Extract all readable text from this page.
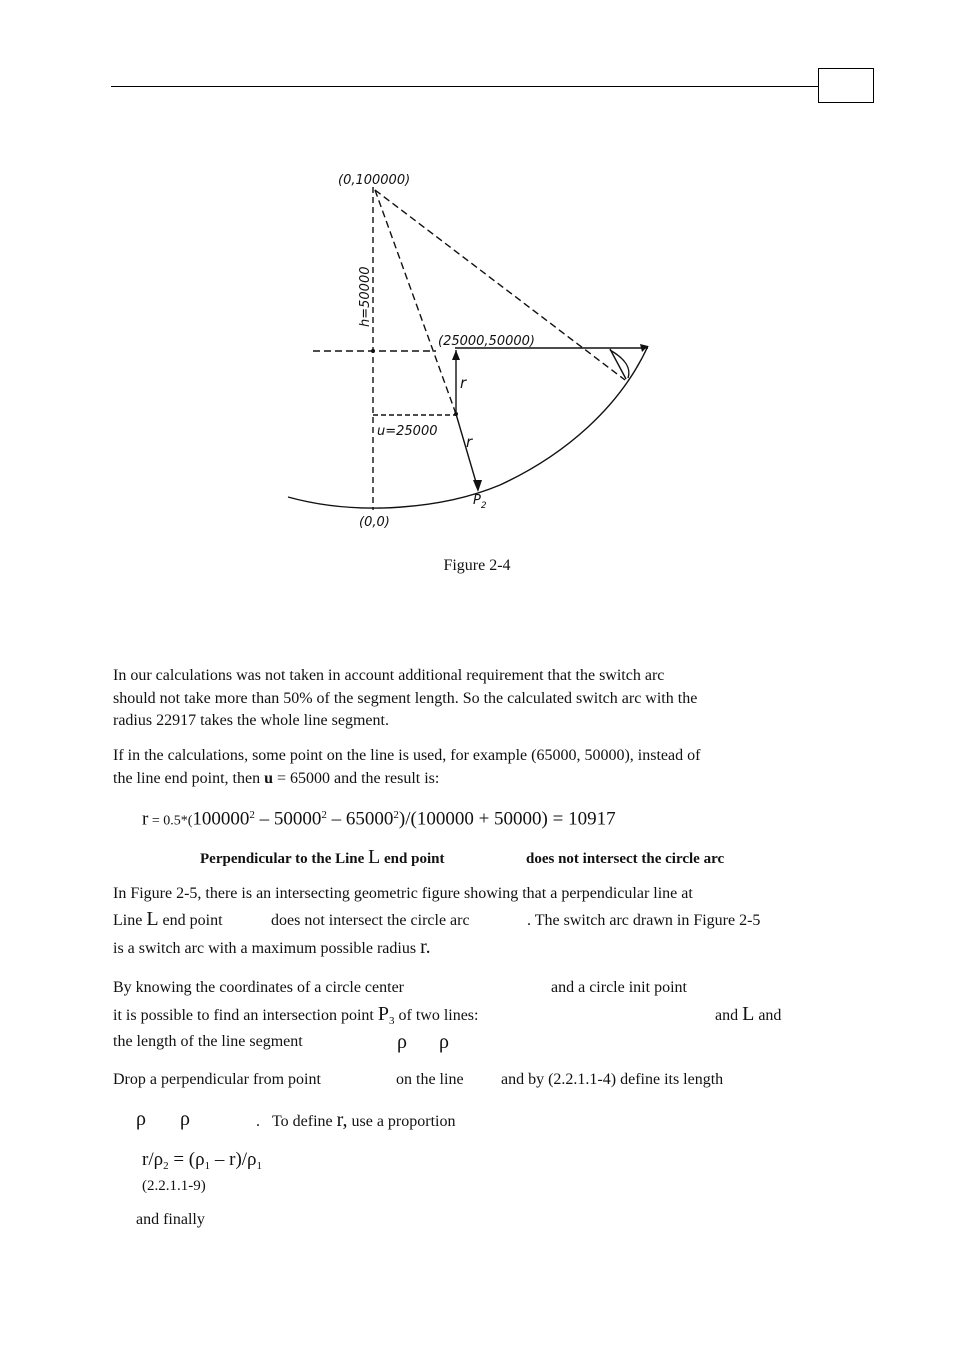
(0,100000)
h=50000
(25000,50000)
r
u=25000
r
(0,0)
$P_2$
Figure 2-4
In our calculations was not taken in account additional requirement that the switch arc
should not take more than 50% of the segment length. So the calculated switch arc with the
radius 22917 takes the whole line segment.
If in the calculations, some point on the line is used, for example (65000, 50000), instead of
the line end point, then u = 65000 and the result is:
$r = 0.5*(100000^2 - 50000^2 - 65000^2)/(100000 + 50000) = 10917$
Perpendicular to the Line L end point	does not intersect the circle arc
In Figure 2-5, there is an intersecting geometric figure showing that a perpendicular line at
Line L end point	does not intersect the circle arc	. The switch arc drawn in Figure 2-5
is a switch arc with a maximum possible radius r.
By knowing the coordinates of a circle center	and a circle init point
it is possible to find an intersection point $P_3$ of two lines:	and L and
the length of the line segment	ρ ρ
Drop a perpendicular from point	on the line and by (2.2.1.1-4) define its length
ρ ρ	. To define r, use a proportion
$r/\rho_2 = (\rho_1 - r)/\rho_1$
(2.2.1.1-9)
and finally
